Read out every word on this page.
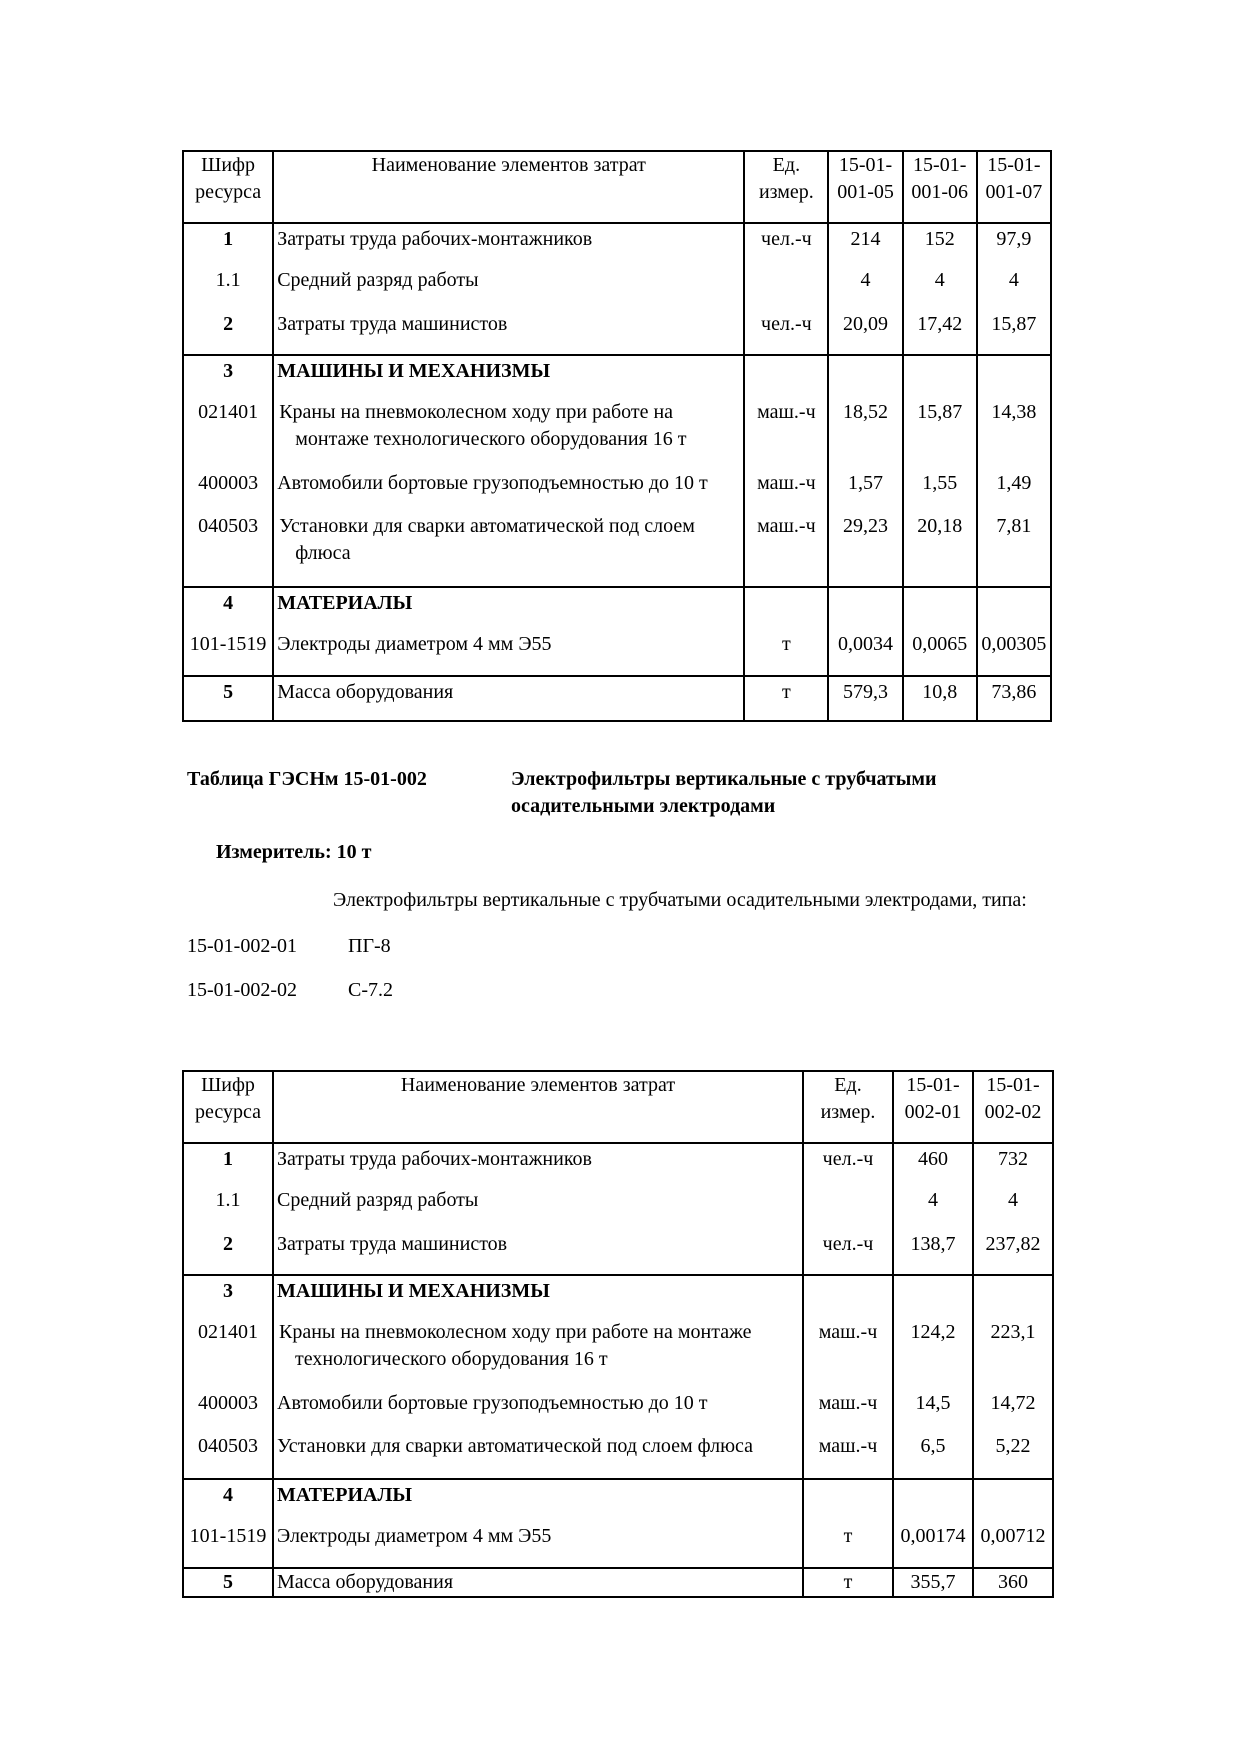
Шифр ресурса	Наименование элементов затрат	Ед. измер.	15-01-001-05	15-01-001-06	15-01-001-07
1	Затраты труда рабочих-монтажников	чел.-ч	214	152	97,9
1.1	Средний разряд работы		4	4	4
2	Затраты труда машинистов	чел.-ч	20,09	17,42	15,87
3	МАШИНЫ И МЕХАНИЗМЫ				
021401	Краны на пневмоколесном ходу при работе на монтаже технологического оборудования 16 т	маш.-ч	18,52	15,87	14,38
400003	Автомобили бортовые грузоподъемностью до 10 т	маш.-ч	1,57	1,55	1,49
040503	Установки для сварки автоматической под слоем флюса	маш.-ч	29,23	20,18	7,81
4	МАТЕРИАЛЫ				
101-1519	Электроды диаметром 4 мм Э55	т	0,0034	0,0065	0,00305
5	Масса оборудования	т	579,3	10,8	73,86
Таблица ГЭСНм 15-01-002	Электрофильтры вертикальные с трубчатыми осадительными электродами
Измеритель: 10 т
Электрофильтры вертикальные с трубчатыми осадительными электродами, типа:
15-01-002-01	ПГ-8
15-01-002-02	С-7.2
Шифр ресурса	Наименование элементов затрат	Ед. измер.	15-01-002-01	15-01-002-02
1	Затраты труда рабочих-монтажников	чел.-ч	460	732
1.1	Средний разряд работы		4	4
2	Затраты труда машинистов	чел.-ч	138,7	237,82
3	МАШИНЫ И МЕХАНИЗМЫ			
021401	Краны на пневмоколесном ходу при работе на монтаже технологического оборудования 16 т	маш.-ч	124,2	223,1
400003	Автомобили бортовые грузоподъемностью до 10 т	маш.-ч	14,5	14,72
040503	Установки для сварки автоматической под слоем флюса	маш.-ч	6,5	5,22
4	МАТЕРИАЛЫ			
101-1519	Электроды диаметром 4 мм Э55	т	0,00174	0,00712
5	Масса оборудования	т	355,7	360
